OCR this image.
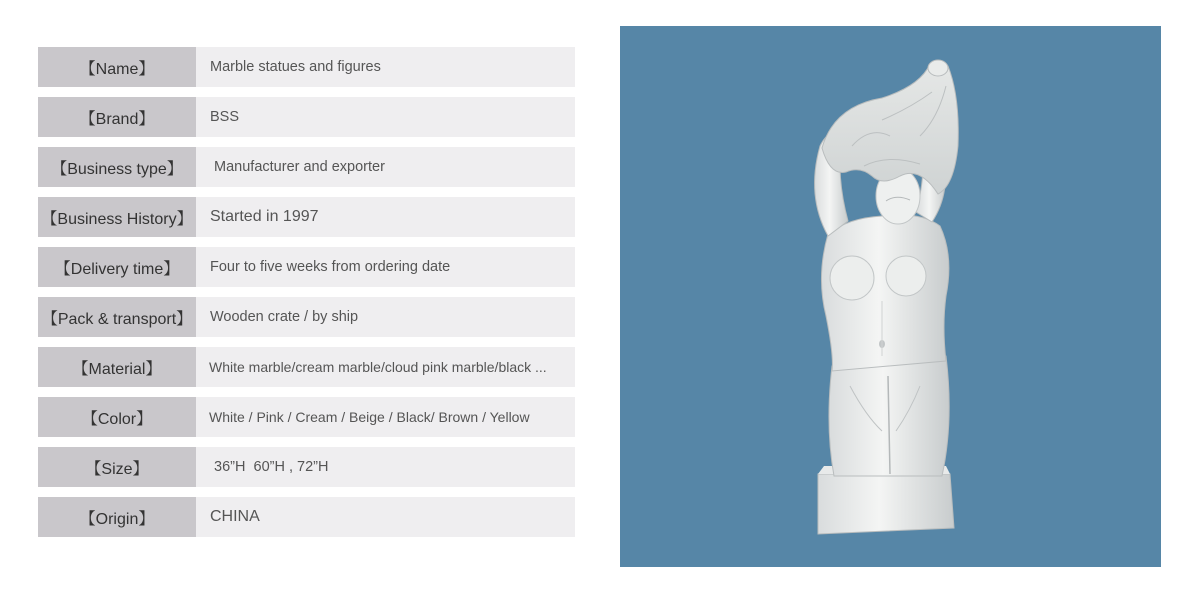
【Name】	Marble statues and figures
【Brand】	BSS
【Business type】	Manufacturer and exporter
【Business History】	Started in 1997
【Delivery time】	Four to five weeks from ordering date
【Pack & transport】	Wooden crate / by ship
【Material】	White marble/cream marble/cloud pink marble/black ...
【Color】	White / Pink / Cream / Beige / Black/ Brown / Yellow
【Size】	36”H  60”H , 72”H
【Origin】	CHINA
